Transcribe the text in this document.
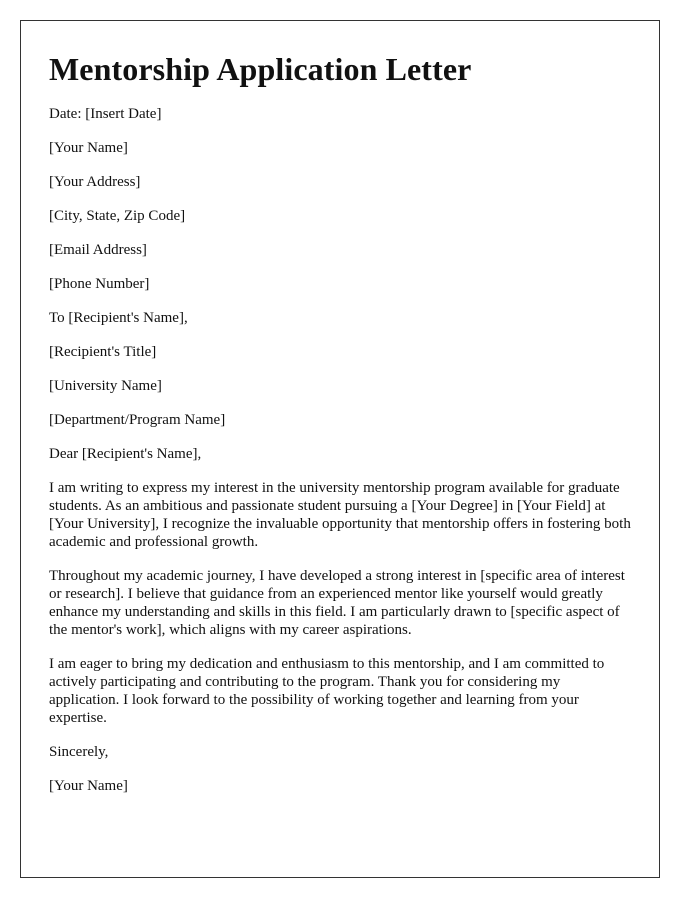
Mentorship Application Letter

Date: [Insert Date]

[Your Name]

[Your Address]

[City, State, Zip Code]

[Email Address]

[Phone Number]

To [Recipient's Name],

[Recipient's Title]

[University Name]

[Department/Program Name]

Dear [Recipient's Name],

I am writing to express my interest in the university mentorship program available for graduate students. As an ambitious and passionate student pursuing a [Your Degree] in [Your Field] at [Your University], I recognize the invaluable opportunity that mentorship offers in fostering both academic and professional growth.

Throughout my academic journey, I have developed a strong interest in [specific area of interest or research]. I believe that guidance from an experienced mentor like yourself would greatly enhance my understanding and skills in this field. I am particularly drawn to [specific aspect of the mentor's work], which aligns with my career aspirations.

I am eager to bring my dedication and enthusiasm to this mentorship, and I am committed to actively participating and contributing to the program. Thank you for considering my application. I look forward to the possibility of working together and learning from your expertise.

Sincerely,

[Your Name]
